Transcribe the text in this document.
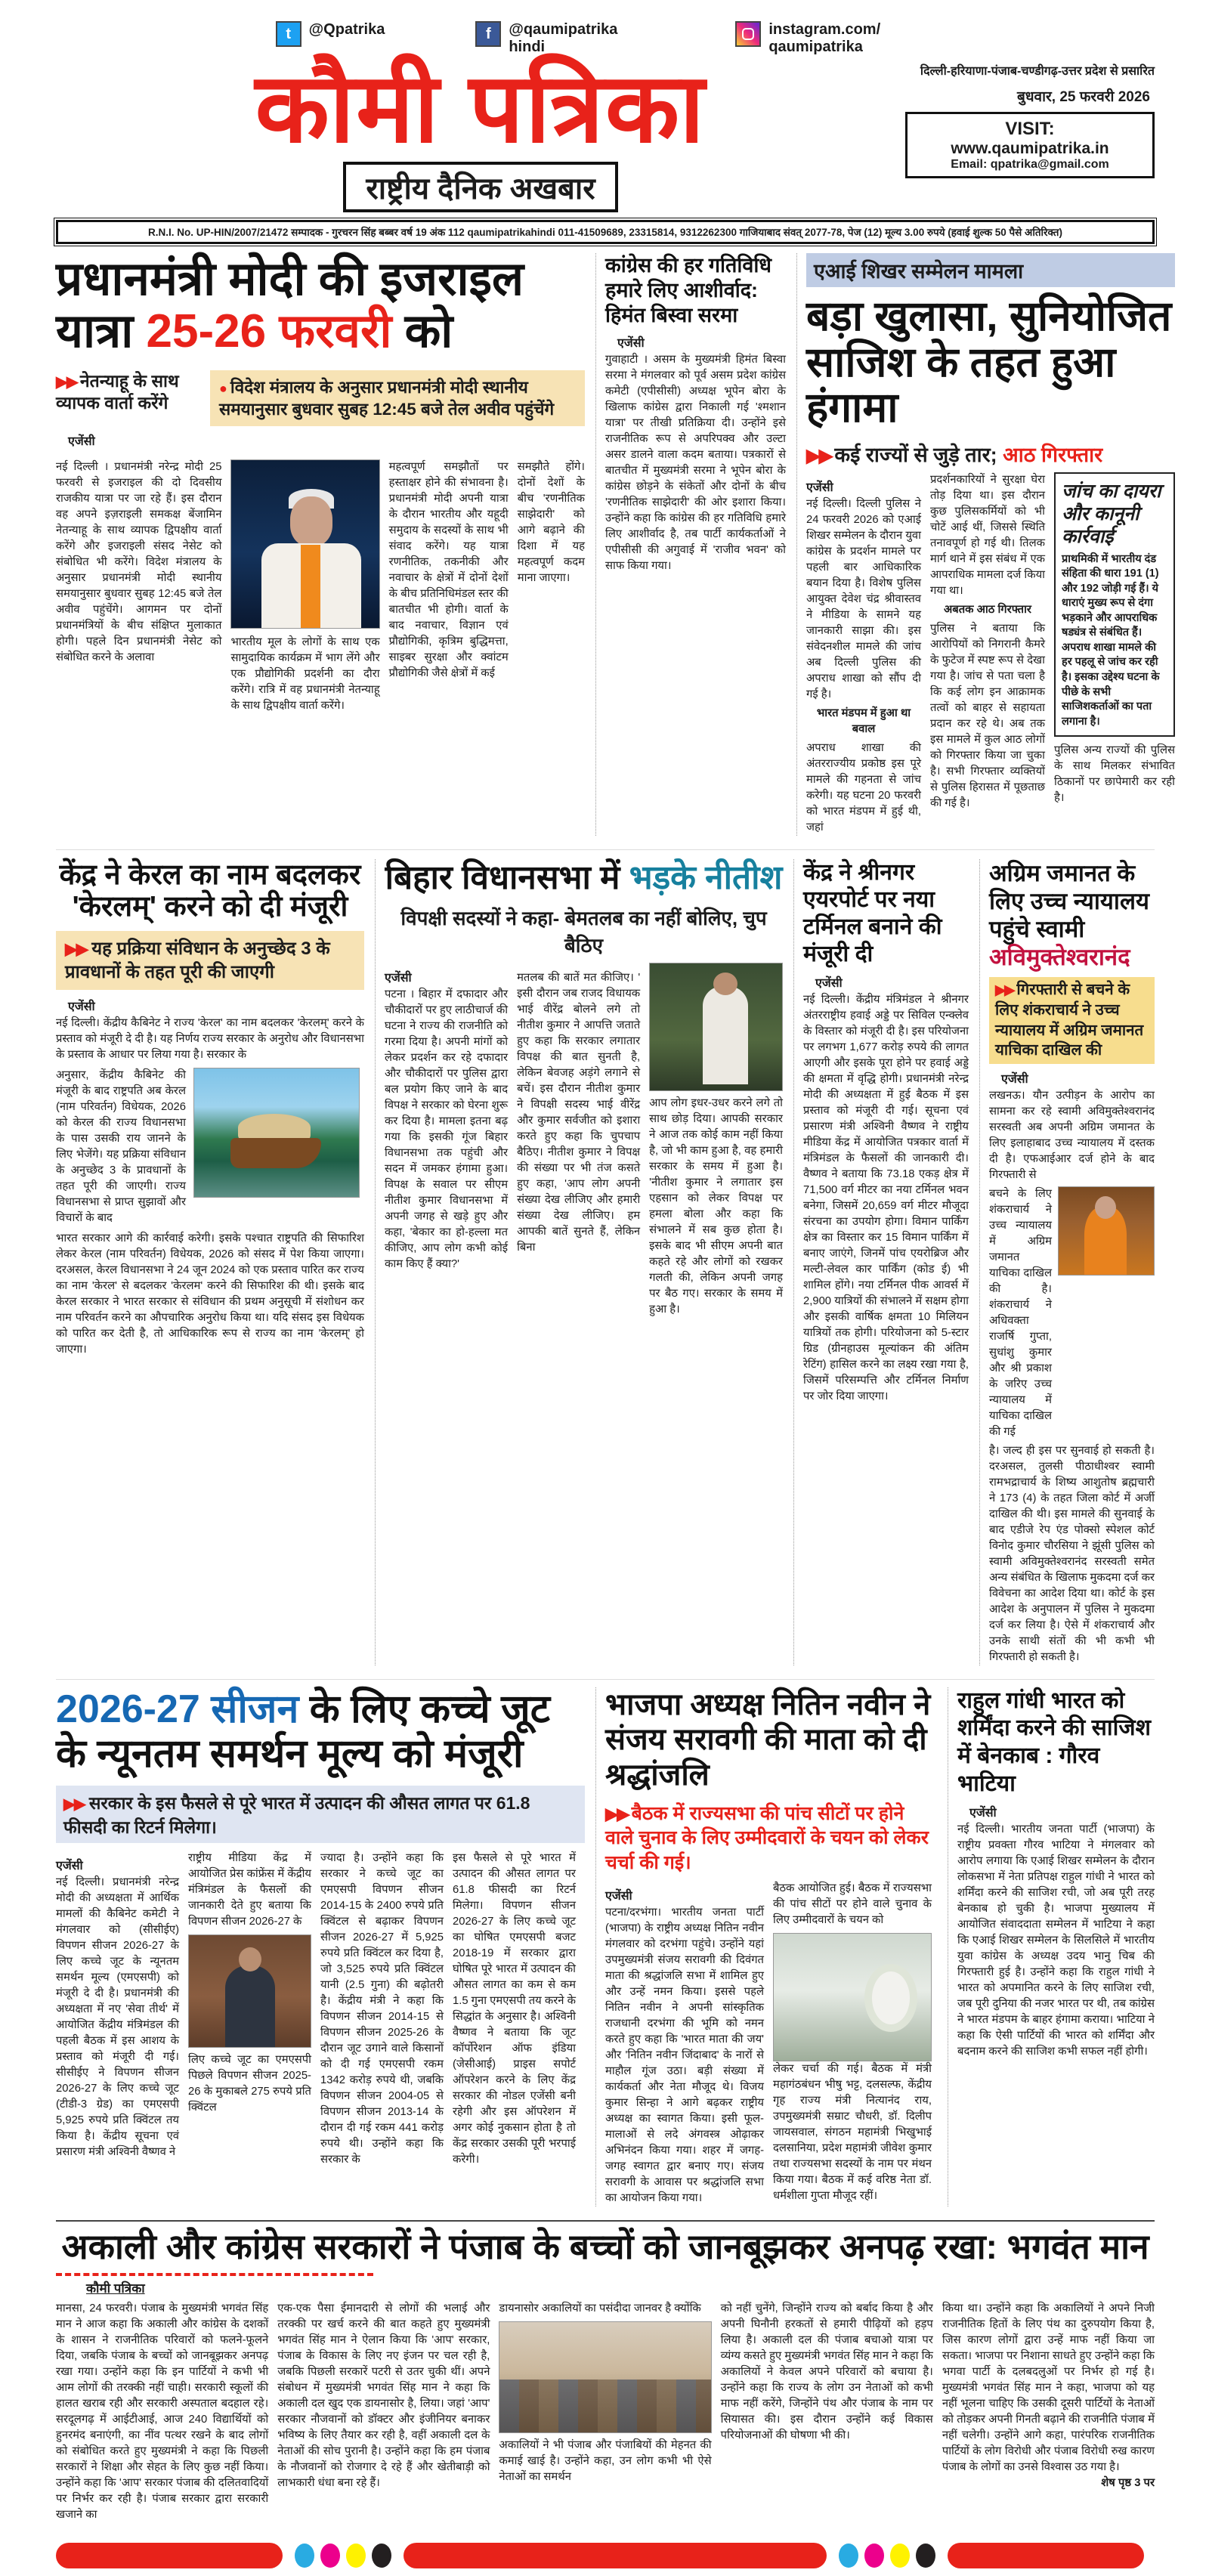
t	@Qpatrika	f	@qaumipatrika hindi
instagram.com/ qaumipatrika
कौमी पत्रिका
राष्ट्रीय दैनिक अखबार
दिल्ली-हरियाणा-पंजाब-चण्डीगढ़-उत्तर प्रदेश से प्रसारित
बुधवार, 25 फरवरी 2026
VISIT:
www.qaumipatrika.in
Email: qpatrika@gmail.com
R.N.I. No. UP-HIN/2007/21472 सम्पादक - गुरचरन सिंह बब्बर वर्ष 19 अंक 112 qaumipatrikahindi 011-41509689, 23315814, 9312262300 गाजियाबाद संवत् 2077-78, पेज (12) मूल्य 3.00 रुपये (हवाई शुल्क 50 पैसे अतिरिक्त)
प्रधानमंत्री मोदी की इजराइल
यात्रा 25-26 फरवरी को
▶▶ नेतन्याहू के साथ व्यापक वार्ता करेंगे
● विदेश मंत्रालय के अनुसार प्रधानमंत्री मोदी स्थानीय समयानुसार बुधवार सुबह 12:45 बजे तेल अवीव पहुंचेंगे
एजेंसी
नई दिल्ली । प्रधानमंत्री नरेन्द्र मोदी 25 फरवरी से इजराइल की दो दिवसीय राजकीय यात्रा पर जा रहे हैं। इस दौरान वह अपने इज़राइली समकक्ष बेंजामिन नेतन्याहू के साथ व्यापक द्विपक्षीय वार्ता करेंगे और इजराइली संसद नेसेट को संबोधित भी करेंगे। विदेश मंत्रालय के अनुसार प्रधानमंत्री मोदी स्थानीय समयानुसार बुधवार सुबह 12:45 बजे तेल अवीव पहुंचेंगे। आगमन पर दोनों प्रधानमंत्रियों के बीच संक्षिप्त मुलाकात होगी। पहले दिन प्रधानमंत्री नेसेट को संबोधित करने के अलावा
भारतीय मूल के लोगों के साथ एक सामुदायिक कार्यक्रम में भाग लेंगे और एक प्रौद्योगिकी प्रदर्शनी का दौरा करेंगे। रात्रि में वह प्रधानमंत्री नेतन्याहू के साथ द्विपक्षीय वार्ता करेंगे।
महत्वपूर्ण समझौतों पर हस्ताक्षर होने की संभावना है। प्रधानमंत्री मोदी अपनी यात्रा के दौरान भारतीय और यहूदी समुदाय के सदस्यों के साथ भी संवाद करेंगे। यह यात्रा रणनीतिक, तकनीकी और नवाचार के क्षेत्रों में दोनों देशों के बीच प्रतिनिधिमंडल स्तर की बातचीत भी होगी। वार्ता के बाद नवाचार, विज्ञान एवं प्रौद्योगिकी, कृत्रिम बुद्धिमत्ता, साइबर सुरक्षा और क्वांटम प्रौद्योगिकी जैसे क्षेत्रों में कई
समझौते होंगे। दोनों देशों के बीच 'रणनीतिक साझेदारी' को आगे बढ़ाने की दिशा में यह महत्वपूर्ण कदम माना जाएगा।
कांग्रेस की हर गतिविधि हमारे लिए आशीर्वाद: हिमंत बिस्वा सरमा
एजेंसी
गुवाहाटी । असम के मुख्यमंत्री हिमंत बिस्वा सरमा ने मंगलवार को पूर्व असम प्रदेश कांग्रेस कमेटी (एपीसीसी) अध्यक्ष भूपेन बोरा के खिलाफ कांग्रेस द्वारा निकाली गई 'श्मशान यात्रा' पर तीखी प्रतिक्रिया दी। उन्होंने इसे राजनीतिक रूप से अपरिपक्व और उल्टा असर डालने वाला कदम बताया। पत्रकारों से बातचीत में मुख्यमंत्री सरमा ने भूपेन बोरा के कांग्रेस छोड़ने के संकेतों और दोनों के बीच 'रणनीतिक साझेदारी' की ओर इशारा किया। उन्होंने कहा कि कांग्रेस की हर गतिविधि हमारे लिए आशीर्वाद है, तब पार्टी कार्यकर्ताओं ने एपीसीसी की अगुवाई में 'राजीव भवन' को साफ किया गया।
एआई शिखर सम्मेलन मामला
बड़ा खुलासा, सुनियोजित साजिश के तहत हुआ हंगामा
▶▶ कई राज्यों से जुड़े तार; आठ गिरफ्तार
एजेंसी
नई दिल्ली। दिल्ली पुलिस ने 24 फरवरी 2026 को एआई शिखर सम्मेलन के दौरान युवा कांग्रेस के प्रदर्शन मामले पर पहली बार आधिकारिक बयान दिया है। विशेष पुलिस आयुक्त देवेश चंद्र श्रीवास्तव ने मीडिया के सामने यह जानकारी साझा की। इस संवेदनशील मामले की जांच अब दिल्ली पुलिस की अपराध शाखा को सौंप दी गई है।
भारत मंडपम में हुआ था बवाल
अपराध शाखा की अंतरराज्यीय प्रकोष्ठ इस पूरे मामले की गहनता से जांच करेगी। यह घटना 20 फरवरी को भारत मंडपम में हुई थी, जहां
प्रदर्शनकारियों ने सुरक्षा घेरा तोड़ दिया था। इस दौरान कुछ पुलिसकर्मियों को भी चोटें आई थीं, जिससे स्थिति तनावपूर्ण हो गई थी। तिलक मार्ग थाने में इस संबंध में एक आपराधिक मामला दर्ज किया गया था।
अबतक आठ गिरफ्तार
पुलिस ने बताया कि आरोपियों को निगरानी कैमरे के फुटेज में स्पष्ट रूप से देखा गया है। जांच से पता चला है कि कई लोग इन आक्रामक तत्वों को बाहर से सहायता प्रदान कर रहे थे। अब तक इस मामले में कुल आठ लोगों को गिरफ्तार किया जा चुका है। सभी गिरफ्तार व्यक्तियों से पुलिस हिरासत में पूछताछ की गई है।
जांच का दायरा और कानूनी कार्रवाई
प्राथमिकी में भारतीय दंड संहिता की धारा 191 (1) और 192 जोड़ी गई हैं। ये धाराएं मुख्य रूप से दंगा भड़काने और आपराधिक षड्यंत्र से संबंधित हैं। अपराध शाखा मामले की हर पहलू से जांच कर रही है। इसका उद्देश्य घटना के पीछे के सभी साजिशकर्ताओं का पता लगाना है।
पुलिस अन्य राज्यों की पुलिस के साथ मिलकर संभावित ठिकानों पर छापेमारी कर रही है।
केंद्र ने केरल का नाम बदलकर 'केरलम्' करने को दी मंजूरी
▶▶ यह प्रक्रिया संविधान के अनुच्छेद 3 के प्रावधानों के तहत पूरी की जाएगी
एजेंसी
नई दिल्ली। केंद्रीय कैबिनेट ने राज्य 'केरल' का नाम बदलकर 'केरलम्' करने के प्रस्ताव को मंजूरी दे दी है। यह निर्णय राज्य सरकार के अनुरोध और विधानसभा के प्रस्ताव के आधार पर लिया गया है। सरकार के
अनुसार, केंद्रीय कैबिनेट की मंजूरी के बाद राष्ट्रपति अब केरल (नाम परिवर्तन) विधेयक, 2026 को केरल की राज्य विधानसभा के पास उसकी राय जानने के लिए भेजेंगे। यह प्रक्रिया संविधान के अनुच्छेद 3 के प्रावधानों के तहत पूरी की जाएगी। राज्य विधानसभा से प्राप्त सुझावों और विचारों के बाद
भारत सरकार आगे की कार्रवाई करेगी। इसके पश्चात राष्ट्रपति की सिफारिश लेकर केरल (नाम परिवर्तन) विधेयक, 2026 को संसद में पेश किया जाएगा। दरअसल, केरल विधानसभा ने 24 जून 2024 को एक प्रस्ताव पारित कर राज्य का नाम 'केरल' से बदलकर 'केरलम' करने की सिफारिश की थी। इसके बाद केरल सरकार ने भारत सरकार से संविधान की प्रथम अनुसूची में संशोधन कर नाम परिवर्तन करने का औपचारिक अनुरोध किया था। यदि संसद इस विधेयक को पारित कर देती है, तो आधिकारिक रूप से राज्य का नाम 'केरलम्' हो जाएगा।
बिहार विधानसभा में भड़के नीतीश
विपक्षी सदस्यों ने कहा- बेमतलब का नहीं बोलिए, चुप बैठिए
एजेंसी
पटना । बिहार में दफादार और चौकीदारों पर हुए लाठीचार्ज की घटना ने राज्य की राजनीति को गरमा दिया है। अपनी मांगों को लेकर प्रदर्शन कर रहे दफादार और चौकीदारों पर पुलिस द्वारा बल प्रयोग किए जाने के बाद विपक्ष ने सरकार को घेरना शुरू कर दिया है। मामला इतना बढ़ गया कि इसकी गूंज बिहार विधानसभा तक पहुंची और सदन में जमकर हंगामा हुआ। विपक्ष के सवाल पर सीएम नीतीश कुमार विधानसभा में अपनी जगह से खड़े हुए और कहा, 'बेकार का हो-हल्ला मत कीजिए, आप लोग कभी कोई काम किए हैं क्या?'
मतलब की बातें मत कीजिए। ' इसी दौरान जब राजद विधायक भाई वीरेंद्र बोलने लगे तो नीतीश कुमार ने आपत्ति जताते हुए कहा कि सरकार लगातार विपक्ष की बात सुनती है, लेकिन बेवजह अड़ंगे लगाने से बचें। इस दौरान नीतीश कुमार ने विपक्षी सदस्य भाई वीरेंद्र और कुमार सर्वजीत को इशारा करते हुए कहा कि चुपचाप बैठिए। नीतीश कुमार ने विपक्ष की संख्या पर भी तंज कसते हुए कहा, 'आप लोग अपनी संख्या देख लीजिए और हमारी संख्या देख लीजिए। हम आपकी बातें सुनते हैं, लेकिन बिना
आप लोग इधर-उधर करने लगे तो साथ छोड़ दिया। आपकी सरकार ने आज तक कोई काम नहीं किया है, जो भी काम हुआ है, वह हमारी सरकार के समय में हुआ है। 'नीतीश कुमार ने लगातार इस एहसान को लेकर विपक्ष पर हमला बोला और कहा कि संभालने में सब कुछ होता है। इसके बाद भी सीएम अपनी बात कहते रहे और लोगों को रखकर गलती की, लेकिन अपनी जगह पर बैठ गए। सरकार के समय में हुआ है।
केंद्र ने श्रीनगर एयरपोर्ट पर नया टर्मिनल बनाने की मंजूरी दी
एजेंसी
नई दिल्ली। केंद्रीय मंत्रिमंडल ने श्रीनगर अंतरराष्ट्रीय हवाई अड्डे पर सिविल एन्क्लेव के विस्तार को मंजूरी दी है। इस परियोजना पर लगभग 1,677 करोड़ रुपये की लागत आएगी और इसके पूरा होने पर हवाई अड्डे की क्षमता में वृद्धि होगी। प्रधानमंत्री नरेन्द्र मोदी की अध्यक्षता में हुई बैठक में इस प्रस्ताव को मंजूरी दी गई। सूचना एवं प्रसारण मंत्री अश्विनी वैष्णव ने राष्ट्रीय मीडिया केंद्र में आयोजित पत्रकार वार्ता में मंत्रिमंडल के फैसलों की जानकारी दी। वैष्णव ने बताया कि 73.18 एकड़ क्षेत्र में 71,500 वर्ग मीटर का नया टर्मिनल भवन बनेगा, जिसमें 20,659 वर्ग मीटर मौजूदा संरचना का उपयोग होगा। विमान पार्किंग क्षेत्र का विस्तार कर 15 विमान पार्किंग में बनाए जाएंगे, जिनमें पांच एयरोब्रिज और मल्टी-लेवल कार पार्किंग (कोड ई) भी शामिल होंगे। नया टर्मिनल पीक आवर्स में 2,900 यात्रियों की संभालने में सक्षम होगा और इसकी वार्षिक क्षमता 10 मिलियन यात्रियों तक होगी। परियोजना को 5-स्टार ग्रिड (ग्रीनहाउस मूल्यांकन की अंतिम रेटिंग) हासिल करने का लक्ष्य रखा गया है, जिसमें परिसम्पत्ति और टर्मिनल निर्माण पर जोर दिया जाएगा।
अग्रिम जमानत के लिए उच्च न्यायालय पहुंचे स्वामी अविमुक्तेश्वरानंद
▶▶ गिरफ्तारी से बचने के लिए शंकराचार्य ने उच्च न्यायालय में अग्रिम जमानत याचिका दाखिल की
एजेंसी
लखनऊ। यौन उत्पीड़न के आरोप का सामना कर रहे स्वामी अविमुक्तेश्वरानंद सरस्वती अब अपनी अग्रिम जमानत के लिए इलाहाबाद उच्च न्यायालय में दस्तक दी है। एफआईआर दर्ज होने के बाद गिरफ्तारी से
बचने के लिए शंकराचार्य ने उच्च न्यायालय में अग्रिम जमानत याचिका दाखिल की है। शंकराचार्य ने अधिवक्ता राजर्षि गुप्ता, सुधांशु कुमार और श्री प्रकाश के जरिए उच्च न्यायालय में याचिका दाखिल की गई
है। जल्द ही इस पर सुनवाई हो सकती है। दरअसल, तुलसी पीठाधीश्वर स्वामी रामभद्राचार्य के शिष्य आशुतोष ब्रह्मचारी ने 173 (4) के तहत जिला कोर्ट में अर्जी दाखिल की थी। इस मामले की सुनवाई के बाद एडीजे रेप एंड पोक्सो स्पेशल कोर्ट विनोद कुमार चौरसिया ने झूंसी पुलिस को स्वामी अविमुक्तेश्वरानंद सरस्वती समेत अन्य संबंधित के खिलाफ मुकदमा दर्ज कर विवेचना का आदेश दिया था। कोर्ट के इस आदेश के अनुपालन में पुलिस ने मुकदमा दर्ज कर लिया है। ऐसे में शंकराचार्य और उनके साथी संतों की भी कभी भी गिरफ्तारी हो सकती है।
2026-27 सीजन के लिए कच्चे जूट के न्यूनतम समर्थन मूल्य को मंजूरी
▶▶ सरकार के इस फैसले से पूरे भारत में उत्पादन की औसत लागत पर 61.8 फीसदी का रिटर्न मिलेगा।
एजेंसी
नई दिल्ली। प्रधानमंत्री नरेन्द्र मोदी की अध्यक्षता में आर्थिक मामलों की कैबिनेट कमेटी ने मंगलवार को (सीसीईए) विपणन सीजन 2026-27 के लिए कच्चे जूट के न्यूनतम समर्थन मूल्य (एमएसपी) को मंजूरी दे दी है। प्रधानमंत्री की अध्यक्षता में नए 'सेवा तीर्थ' में आयोजित केंद्रीय मंत्रिमंडल की पहली बैठक में इस आशय के प्रस्ताव को मंजूरी दी गई। सीसीईए ने विपणन सीजन 2026-27 के लिए कच्चे जूट (टीडी-3 ग्रेड) का एमएसपी 5,925 रुपये प्रति क्विंटल तय किया है। केंद्रीय सूचना एवं प्रसारण मंत्री अश्विनी वैष्णव ने
राष्ट्रीय मीडिया केंद्र में आयोजित प्रेस कांफ्रेंस में केंद्रीय मंत्रिमंडल के फैसलों की जानकारी देते हुए बताया कि विपणन सीजन 2026-27 के
लिए कच्चे जूट का एमएसपी पिछले विपणन सीजन 2025-26 के मुकाबले 275 रुपये प्रति क्विंटल
ज्यादा है। उन्होंने कहा कि सरकार ने कच्चे जूट का एमएसपी विपणन सीजन 2014-15 के 2400 रुपये प्रति क्विंटल से बढ़ाकर विपणन सीजन 2026-27 में 5,925 रुपये प्रति क्विंटल कर दिया है, जो 3,525 रुपये प्रति क्विंटल यानी (2.5 गुना) की बढ़ोतरी है। केंद्रीय मंत्री ने कहा कि विपणन सीजन 2014-15 से विपणन सीजन 2025-26 के दौरान जूट उगाने वाले किसानों को दी गई एमएसपी रकम 1342 करोड़ रुपये थी, जबकि विपणन सीजन 2004-05 से विपणन सीजन 2013-14 के दौरान दी गई रकम 441 करोड़ रुपये थी। उन्होंने कहा कि सरकार के
इस फैसले से पूरे भारत में उत्पादन की औसत लागत पर 61.8 फीसदी का रिटर्न मिलेगा। विपणन सीजन 2026-27 के लिए कच्चे जूट का घोषित एमएसपी बजट 2018-19 में सरकार द्वारा घोषित पूरे भारत में उत्पादन की औसत लागत का कम से कम 1.5 गुना एमएसपी तय करने के सिद्धांत के अनुसार है। अश्विनी वैष्णव ने बताया कि जूट कॉर्पोरेशन ऑफ इंडिया (जेसीआई) प्राइस सपोर्ट ऑपरेशन करने के लिए केंद्र सरकार की नोडल एजेंसी बनी रहेगी और इस ऑपरेशन में अगर कोई नुकसान होता है तो केंद्र सरकार उसकी पूरी भरपाई करेगी।
भाजपा अध्यक्ष नितिन नवीन ने संजय सरावगी की माता को दी श्रद्धांजलि
▶▶ बैठक में राज्यसभा की पांच सीटों पर होने वाले चुनाव के लिए उम्मीदवारों के चयन को लेकर चर्चा की गई।
एजेंसी
पटना/दरभंगा। भारतीय जनता पार्टी (भाजपा) के राष्ट्रीय अध्यक्ष नितिन नवीन मंगलवार को दरभंगा पहुंचे। उन्होंने यहां उपमुख्यमंत्री संजय सरावगी की दिवंगत माता की श्रद्धांजलि सभा में शामिल हुए और उन्हें नमन किया। इससे पहले नितिन नवीन ने अपनी सांस्कृतिक राजधानी दरभंगा की भूमि को नमन करते हुए कहा कि 'भारत माता की जय' और 'नितिन नवीन जिंदाबाद' के नारों से माहौल गूंज उठा। बड़ी संख्या में कार्यकर्ता और नेता मौजूद थे। विजय कुमार सिन्हा ने आगे बढ़कर राष्ट्रीय अध्यक्ष का स्वागत किया। इसी फूल-मालाओं से लदे अंगवस्त्र ओढ़ाकर अभिनंदन किया गया। शहर में जगह-जगह स्वागत द्वार बनाए गए। संजय सरावगी के आवास पर श्रद्धांजलि सभा का आयोजन किया गया।
बैठक आयोजित हुई। बैठक में राज्यसभा की पांच सीटों पर होने वाले चुनाव के लिए उम्मीदवारों के चयन को
लेकर चर्चा की गई। बैठक में मंत्री महागंठबंधन भीषु भट्ट, दलसल्फ, केंद्रीय गृह राज्य मंत्री नित्यानंद राय, उपमुख्यमंत्री सम्राट चौधरी, डॉ. दिलीप जायसवाल, संगठन महामंत्री भिखुभाई दलसानिया, प्रदेश महामंत्री जीवेश कुमार तथा राज्यसभा सदस्यों के नाम पर मंथन किया गया। बैठक में कई वरिष्ठ नेता डॉ. धर्मशीला गुप्ता मौजूद रहीं।
राहुल गांधी भारत को शर्मिंदा करने की साजिश में बेनकाब : गौरव भाटिया
एजेंसी
नई दिल्ली। भारतीय जनता पार्टी (भाजपा) के राष्ट्रीय प्रवक्ता गौरव भाटिया ने मंगलवार को आरोप लगाया कि एआई शिखर सम्मेलन के दौरान लोकसभा में नेता प्रतिपक्ष राहुल गांधी ने भारत को शर्मिंदा करने की साजिश रची, जो अब पूरी तरह बेनकाब हो चुकी है। भाजपा मुख्यालय में आयोजित संवाददाता सम्मेलन में भाटिया ने कहा कि एआई शिखर सम्मेलन के सिलसिले में भारतीय युवा कांग्रेस के अध्यक्ष उदय भानु चिब की गिरफ्तारी हुई है। उन्होंने कहा कि राहुल गांधी ने भारत को अपमानित करने के लिए साजिश रची, जब पूरी दुनिया की नजर भारत पर थी, तब कांग्रेस ने भारत मंडपम के बाहर हंगामा कराया। भाटिया ने कहा कि ऐसी पार्टियों की भारत को शर्मिंदा और बदनाम करने की साजिश कभी सफल नहीं होगी।
अकाली और कांग्रेस सरकारों ने पंजाब के बच्चों को जानबूझकर अनपढ़ रखा: भगवंत मान
कौमी पत्रिका
मानसा, 24 फरवरी। पंजाब के मुख्यमंत्री भगवंत सिंह मान ने आज कहा कि अकाली और कांग्रेस के दशकों के शासन ने राजनीतिक परिवारों को फलने-फूलने दिया, जबकि पंजाब के बच्चों को जानबूझकर अनपढ़ रखा गया। उन्होंने कहा कि इन पार्टियों ने कभी भी आम लोगों की तरक्की नहीं चाही। सरकारी स्कूलों की हालत खराब रही और सरकारी अस्पताल बदहाल रहे। सरदूलगढ़ में आईटीआई, आज 240 विद्यार्थियों को हुनरमंद बनाएंगी, का नींव पत्थर रखने के बाद लोगों को संबोधित करते हुए मुख्यमंत्री ने कहा कि पिछली सरकारों ने शिक्षा और सेहत के लिए कुछ नहीं किया। उन्होंने कहा कि 'आप' सरकार पंजाब की दलितवादियों पर निर्भर कर रही है। पंजाब सरकार द्वारा सरकारी खजाने का
एक-एक पैसा ईमानदारी से लोगों की भलाई और तरक्की पर खर्च करने की बात कहते हुए मुख्यमंत्री भगवंत सिंह मान ने ऐलान किया कि 'आप' सरकार, पंजाब के विकास के लिए नए इंजन पर चल रही है, जबकि पिछली सरकारें पटरी से उतर चुकी थीं। अपने संबोधन में मुख्यमंत्री भगवंत सिंह मान ने कहा कि अकाली दल खुद एक डायनासोर है, लिया। जहां 'आप' सरकार नौजवानों को डॉक्टर और इंजीनियर बनाकर भविष्य के लिए तैयार कर रही है, वहीं अकाली दल के नेताओं की सोच पुरानी है। उन्होंने कहा कि हम पंजाब के नौजवानों को रोजगार दे रहे हैं और खेतीबाड़ी को लाभकारी धंधा बना रहे हैं।
डायनासोर अकालियों का पसंदीदा जानवर है क्योंकि
अकालियों ने भी पंजाब और पंजाबियों की मेहनत की कमाई खाई है। उन्होंने कहा, उन लोग कभी भी ऐसे नेताओं का समर्थन
को नहीं चुनेंगे, जिन्होंने राज्य को बर्बाद किया है और अपनी घिनौनी हरकतों से हमारी पीढ़ियों को हड़प लिया है। अकाली दल की पंजाब बचाओ यात्रा पर व्यंग्य कसते हुए मुख्यमंत्री भगवंत सिंह मान ने कहा कि अकालियों ने केवल अपने परिवारों को बचाया है। उन्होंने कहा कि राज्य के लोग उन नेताओं को कभी माफ नहीं करेंगे, जिन्होंने पंथ और पंजाब के नाम पर सियासत की। इस दौरान उन्होंने कई विकास परियोजनाओं की घोषणा भी की।
किया था। उन्होंने कहा कि अकालियों ने अपने निजी राजनीतिक हितों के लिए पंथ का दुरुपयोग किया है, जिस कारण लोगों द्वारा उन्हें माफ नहीं किया जा सकता। भाजपा पर निशाना साधते हुए उन्होंने कहा कि भगवा पार्टी के दलबदलुओं पर निर्भर हो गई है। मुख्यमंत्री भगवंत सिंह मान ने कहा, भाजपा को यह नहीं भूलना चाहिए कि उसकी दूसरी पार्टियों के नेताओं को तोड़कर अपनी गिनती बढ़ाने की राजनीति पंजाब में नहीं चलेगी। उन्होंने आगे कहा, पारंपरिक राजनीतिक पार्टियों के लोग विरोधी और पंजाब विरोधी रुख कारण पंजाब के लोगों का उनसे विश्वास उठ गया है।
शेष पृष्ठ 3 पर
